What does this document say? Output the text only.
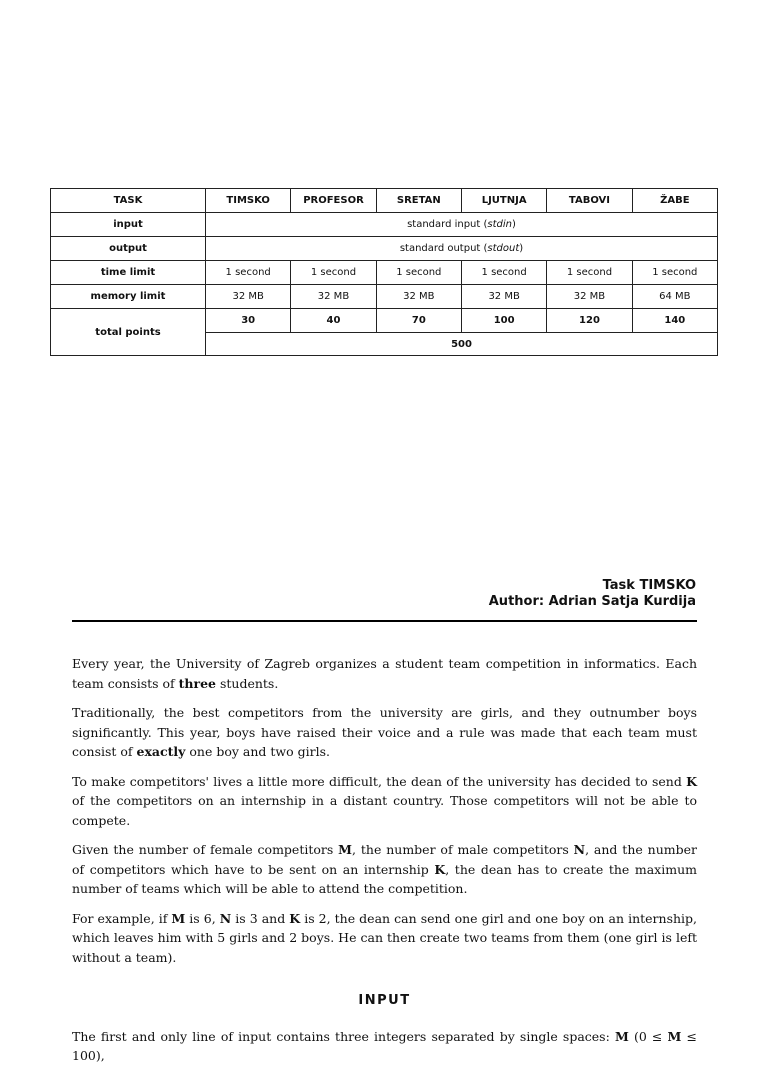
TASK	TIMSKO	PROFESOR	SRETAN	LJUTNJA	TABOVI	ŽABE
input	standard input (stdin)					
output	standard output (stdout)					
time limit	1 second	1 second	1 second	1 second	1 second	1 second
memory limit	32 MB	32 MB	32 MB	32 MB	32 MB	64 MB
total points	30	40	70	100	120	140
	500					
Task TIMSKO
Author: Adrian Satja Kurdija

Every year, the University of Zagreb organizes a student team competition in informatics. Each team consists of three students.

Traditionally, the best competitors from the university are girls, and they outnumber boys significantly. This year, boys have raised their voice and a rule was made that each team must consist of exactly one boy and two girls.

To make competitors' lives a little more difficult, the dean of the university has decided to send K of the competitors on an internship in a distant country. Those competitors will not be able to compete.

Given the number of female competitors M, the number of male competitors N, and the number of competitors which have to be sent on an internship K, the dean has to create the maximum number of teams which will be able to attend the competition.

For example, if M is 6, N is 3 and K is 2, the dean can send one girl and one boy on an internship, which leaves him with 5 girls and 2 boys. He can then create two teams from them (one girl is left without a team).

INPUT

The first and only line of input contains three integers separated by single spaces: M (0 ≤ M ≤ 100),
